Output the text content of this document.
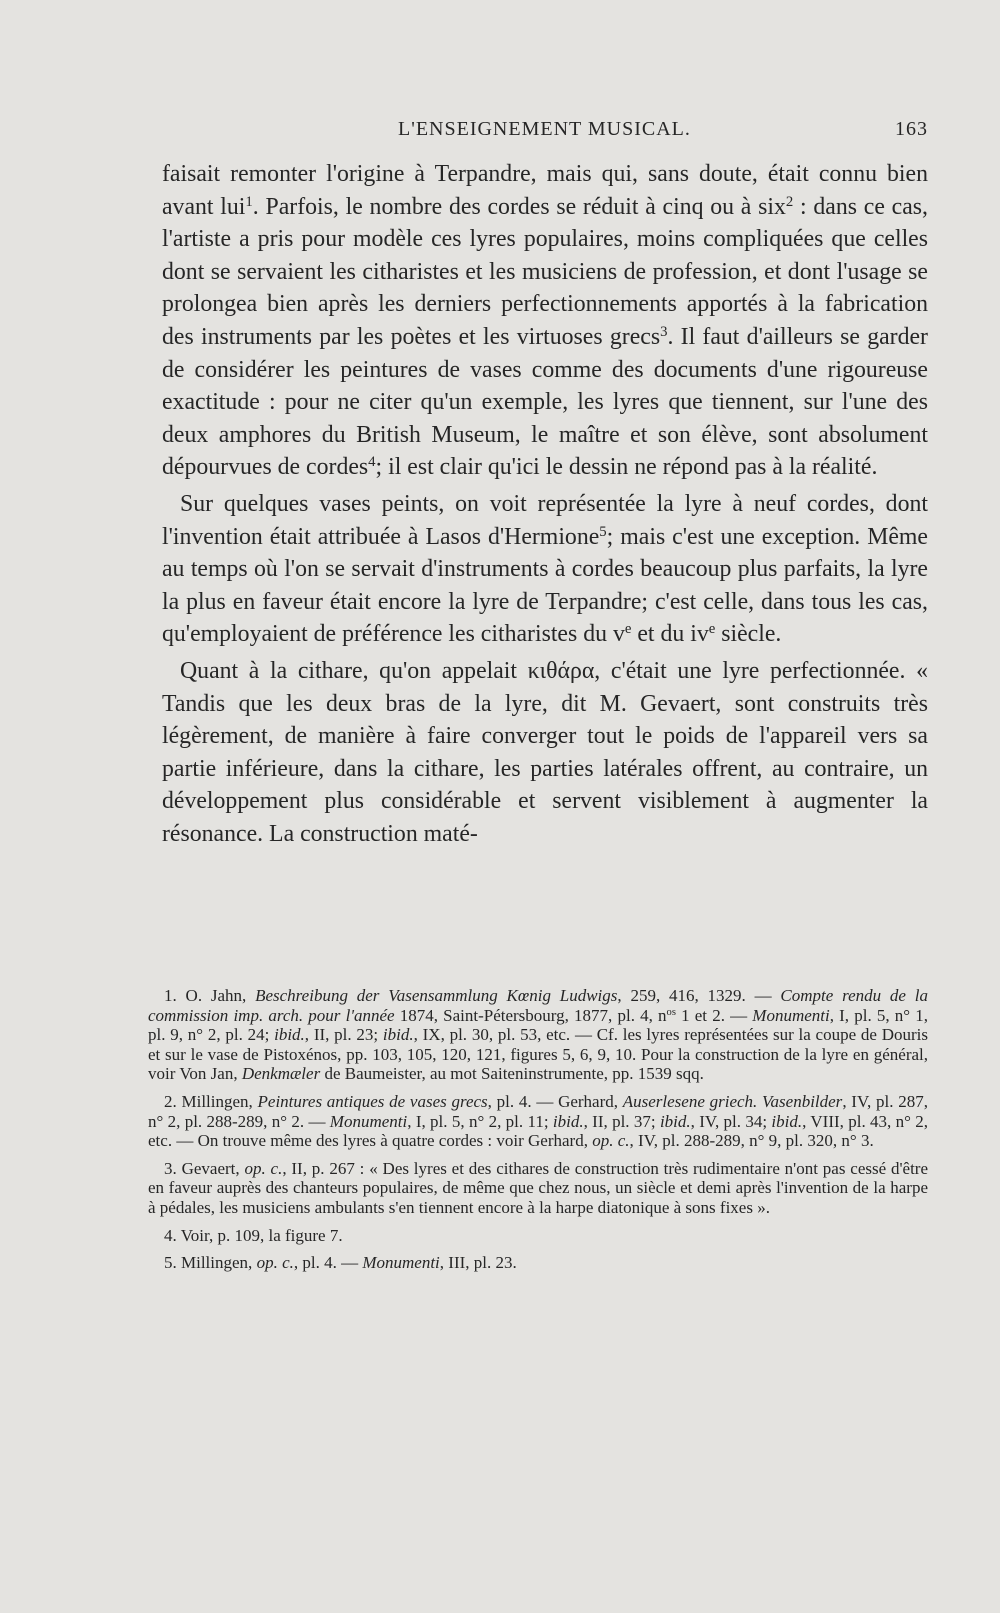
L'ENSEIGNEMENT MUSICAL.	163

faisait remonter l'origine à Terpandre, mais qui, sans doute, était connu bien avant lui$^1$. Parfois, le nombre des cordes se réduit à cinq ou à six$^2$ : dans ce cas, l'artiste a pris pour modèle ces lyres populaires, moins compliquées que celles dont se servaient les citharistes et les musiciens de profession, et dont l'usage se prolongea bien après les derniers perfectionnements apportés à la fabrication des instruments par les poètes et les virtuoses grecs$^3$. Il faut d'ailleurs se garder de considérer les peintures de vases comme des documents d'une rigoureuse exactitude : pour ne citer qu'un exemple, les lyres que tiennent, sur l'une des deux amphores du British Museum, le maître et son élève, sont absolument dépourvues de cordes$^4$; il est clair qu'ici le dessin ne répond pas à la réalité.

Sur quelques vases peints, on voit représentée la lyre à neuf cordes, dont l'invention était attribuée à Lasos d'Hermione$^5$; mais c'est une exception. Même au temps où l'on se servait d'instruments à cordes beaucoup plus parfaits, la lyre la plus en faveur était encore la lyre de Terpandre; c'est celle, dans tous les cas, qu'employaient de préférence les citharistes du $v^e$ et du $iv^e$ siècle.

Quant à la cithare, qu'on appelait κιθάρα, c'était une lyre perfectionnée. « Tandis que les deux bras de la lyre, dit M. Gevaert, sont construits très légèrement, de manière à faire converger tout le poids de l'appareil vers sa partie inférieure, dans la cithare, les parties latérales offrent, au contraire, un développement plus considérable et servent visiblement à augmenter la résonance. La construction maté-

1. O. Jahn, Beschreibung der Vasensammlung Kœnig Ludwigs, 259, 416, 1329. — Compte rendu de la commission imp. arch. pour l'année 1874, Saint-Pétersbourg, 1877, pl. 4, $n^{os}$ 1 et 2. — Monumenti, I, pl. 5, n° 1, pl. 9, n° 2, pl. 24; ibid., II, pl. 23; ibid., IX, pl. 30, pl. 53, etc. — Cf. les lyres représentées sur la coupe de Douris et sur le vase de Pistoxénos, pp. 103, 105, 120, 121, figures 5, 6, 9, 10. Pour la construction de la lyre en général, voir Von Jan, Denkmæler de Baumeister, au mot Saiteninstrumente, pp. 1539 sqq.

2. Millingen, Peintures antiques de vases grecs, pl. 4. — Gerhard, Auserlesene griech. Vasenbilder, IV, pl. 287, n° 2, pl. 288-289, n° 2. — Monumenti, I, pl. 5, n° 2, pl. 11; ibid., II, pl. 37; ibid., IV, pl. 34; ibid., VIII, pl. 43, n° 2, etc. — On trouve même des lyres à quatre cordes : voir Gerhard, op. c., IV, pl. 288-289, n° 9, pl. 320, n° 3.

3. Gevaert, op. c., II, p. 267 : « Des lyres et des cithares de construction très rudimentaire n'ont pas cessé d'être en faveur auprès des chanteurs populaires, de même que chez nous, un siècle et demi après l'invention de la harpe à pédales, les musiciens ambulants s'en tiennent encore à la harpe diatonique à sons fixes ».

4. Voir, p. 109, la figure 7.

5. Millingen, op. c., pl. 4. — Monumenti, III, pl. 23.
